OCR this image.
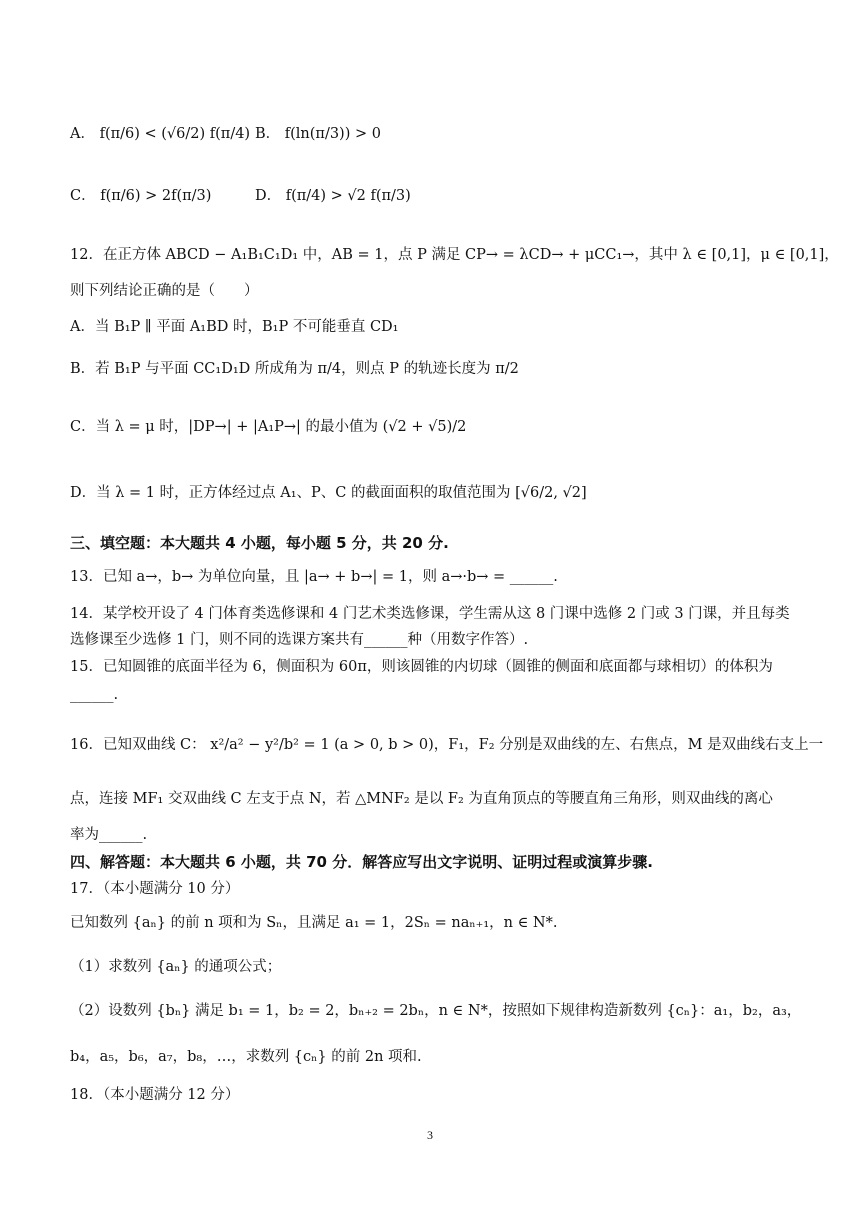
A． f(π/6) < (√6/2) f(π/4) B． f(ln(π/3)) > 0
C． f(π/6) > 2f(π/3)	D． f(π/4) > √2 f(π/3)
12．在正方体 ABCD − A₁B₁C₁D₁ 中，AB = 1，点 P 满足 CP→ = λCD→ + μCC₁→，其中 λ ∈ [0,1]，μ ∈ [0,1]，
则下列结论正确的是（　　）
A．当 B₁P ∥ 平面 A₁BD 时，B₁P 不可能垂直 CD₁
B．若 B₁P 与平面 CC₁D₁D 所成角为 π/4，则点 P 的轨迹长度为 π/2
C．当 λ = μ 时，|DP→| + |A₁P→| 的最小值为 (√2 + √5)/2
D．当 λ = 1 时，正方体经过点 A₁、P、C 的截面面积的取值范围为 [√6/2, √2]
三、填空题：本大题共 4 小题，每小题 5 分，共 20 分.
13．已知 a→，b→ 为单位向量，且 |a→ + b→| = 1，则 a→·b→ = ______.
14．某学校开设了 4 门体育类选修课和 4 门艺术类选修课，学生需从这 8 门课中选修 2 门或 3 门课，并且每类
选修课至少选修 1 门，则不同的选课方案共有______种（用数字作答）.
15．已知圆锥的底面半径为 6，侧面积为 60π，则该圆锥的内切球（圆锥的侧面和底面都与球相切）的体积为
______.
16．已知双曲线 C： x²/a² − y²/b² = 1 (a > 0, b > 0)，F₁，F₂ 分别是双曲线的左、右焦点，M 是双曲线右支上一
点，连接 MF₁ 交双曲线 C 左支于点 N，若 △MNF₂ 是以 F₂ 为直角顶点的等腰直角三角形，则双曲线的离心
率为______.
四、解答题：本大题共 6 小题，共 70 分．解答应写出文字说明、证明过程或演算步骤.
17．（本小题满分 10 分）
已知数列 {aₙ} 的前 n 项和为 Sₙ，且满足 a₁ = 1，2Sₙ = naₙ₊₁，n ∈ N*.
（1）求数列 {aₙ} 的通项公式；
（2）设数列 {bₙ} 满足 b₁ = 1，b₂ = 2，bₙ₊₂ = 2bₙ，n ∈ N*，按照如下规律构造新数列 {cₙ}：a₁，b₂，a₃，
b₄，a₅，b₆，a₇，b₈，…，求数列 {cₙ} 的前 2n 项和.
18．（本小题满分 12 分）
3
